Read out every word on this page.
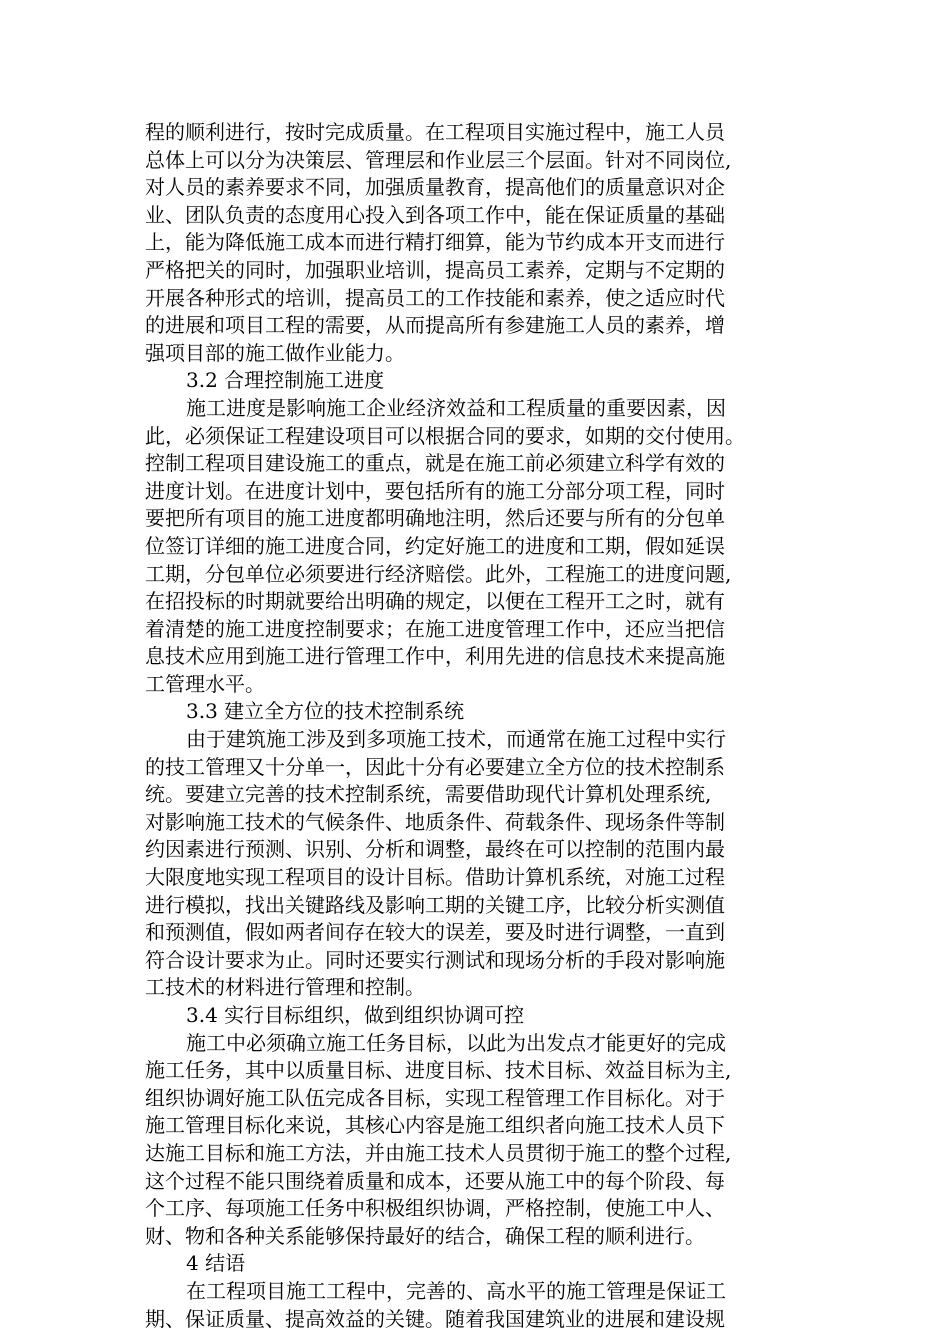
程的顺利进行，按时完成质量。在工程项目实施过程中，施工人员
总体上可以分为决策层、管理层和作业层三个层面。针对不同岗位,
对人员的素养要求不同，加强质量教育，提高他们的质量意识对企
业、团队负责的态度用心投入到各项工作中，能在保证质量的基础
上，能为降低施工成本而进行精打细算，能为节约成本开支而进行
严格把关的同时，加强职业培训，提高员工素养，定期与不定期的
开展各种形式的培训，提高员工的工作技能和素养，使之适应时代
的进展和项目工程的需要，从而提高所有参建施工人员的素养，增
强项目部的施工做作业能力。
3.2 合理控制施工进度
施工进度是影响施工企业经济效益和工程质量的重要因素，因
此，必须保证工程建设项目可以根据合同的要求，如期的交付使用。
控制工程项目建设施工的重点，就是在施工前必须建立科学有效的
进度计划。在进度计划中，要包括所有的施工分部分项工程，同时
要把所有项目的施工进度都明确地注明，然后还要与所有的分包单
位签订详细的施工进度合同，约定好施工的进度和工期，假如延误
工期，分包单位必须要进行经济赔偿。此外，工程施工的进度问题,
在招投标的时期就要给出明确的规定，以便在工程开工之时，就有
着清楚的施工进度控制要求；在施工进度管理工作中，还应当把信
息技术应用到施工进行管理工作中，利用先进的信息技术来提高施
工管理水平。
3.3 建立全方位的技术控制系统
由于建筑施工涉及到多项施工技术，而通常在施工过程中实行
的技工管理又十分单一，因此十分有必要建立全方位的技术控制系
统。要建立完善的技术控制系统，需要借助现代计算机处理系统,
对影响施工技术的气候条件、地质条件、荷载条件、现场条件等制
约因素进行预测、识别、分析和调整，最终在可以控制的范围内最
大限度地实现工程项目的设计目标。借助计算机系统，对施工过程
进行模拟，找出关键路线及影响工期的关键工序，比较分析实测值
和预测值，假如两者间存在较大的误差，要及时进行调整，一直到
符合设计要求为止。同时还要实行测试和现场分析的手段对影响施
工技术的材料进行管理和控制。
3.4 实行目标组织，做到组织协调可控
施工中必须确立施工任务目标，以此为出发点才能更好的完成
施工任务，其中以质量目标、进度目标、技术目标、效益目标为主,
组织协调好施工队伍完成各目标，实现工程管理工作目标化。对于
施工管理目标化来说，其核心内容是施工组织者向施工技术人员下
达施工目标和施工方法，并由施工技术人员贯彻于施工的整个过程,
这个过程不能只围绕着质量和成本，还要从施工中的每个阶段、每
个工序、每项施工任务中积极组织协调，严格控制，使施工中人、
财、物和各种关系能够保持最好的结合，确保工程的顺利进行。
4 结语
在工程项目施工工程中，完善的、高水平的施工管理是保证工
期、保证质量、提高效益的关键。随着我国建筑业的进展和建设规
